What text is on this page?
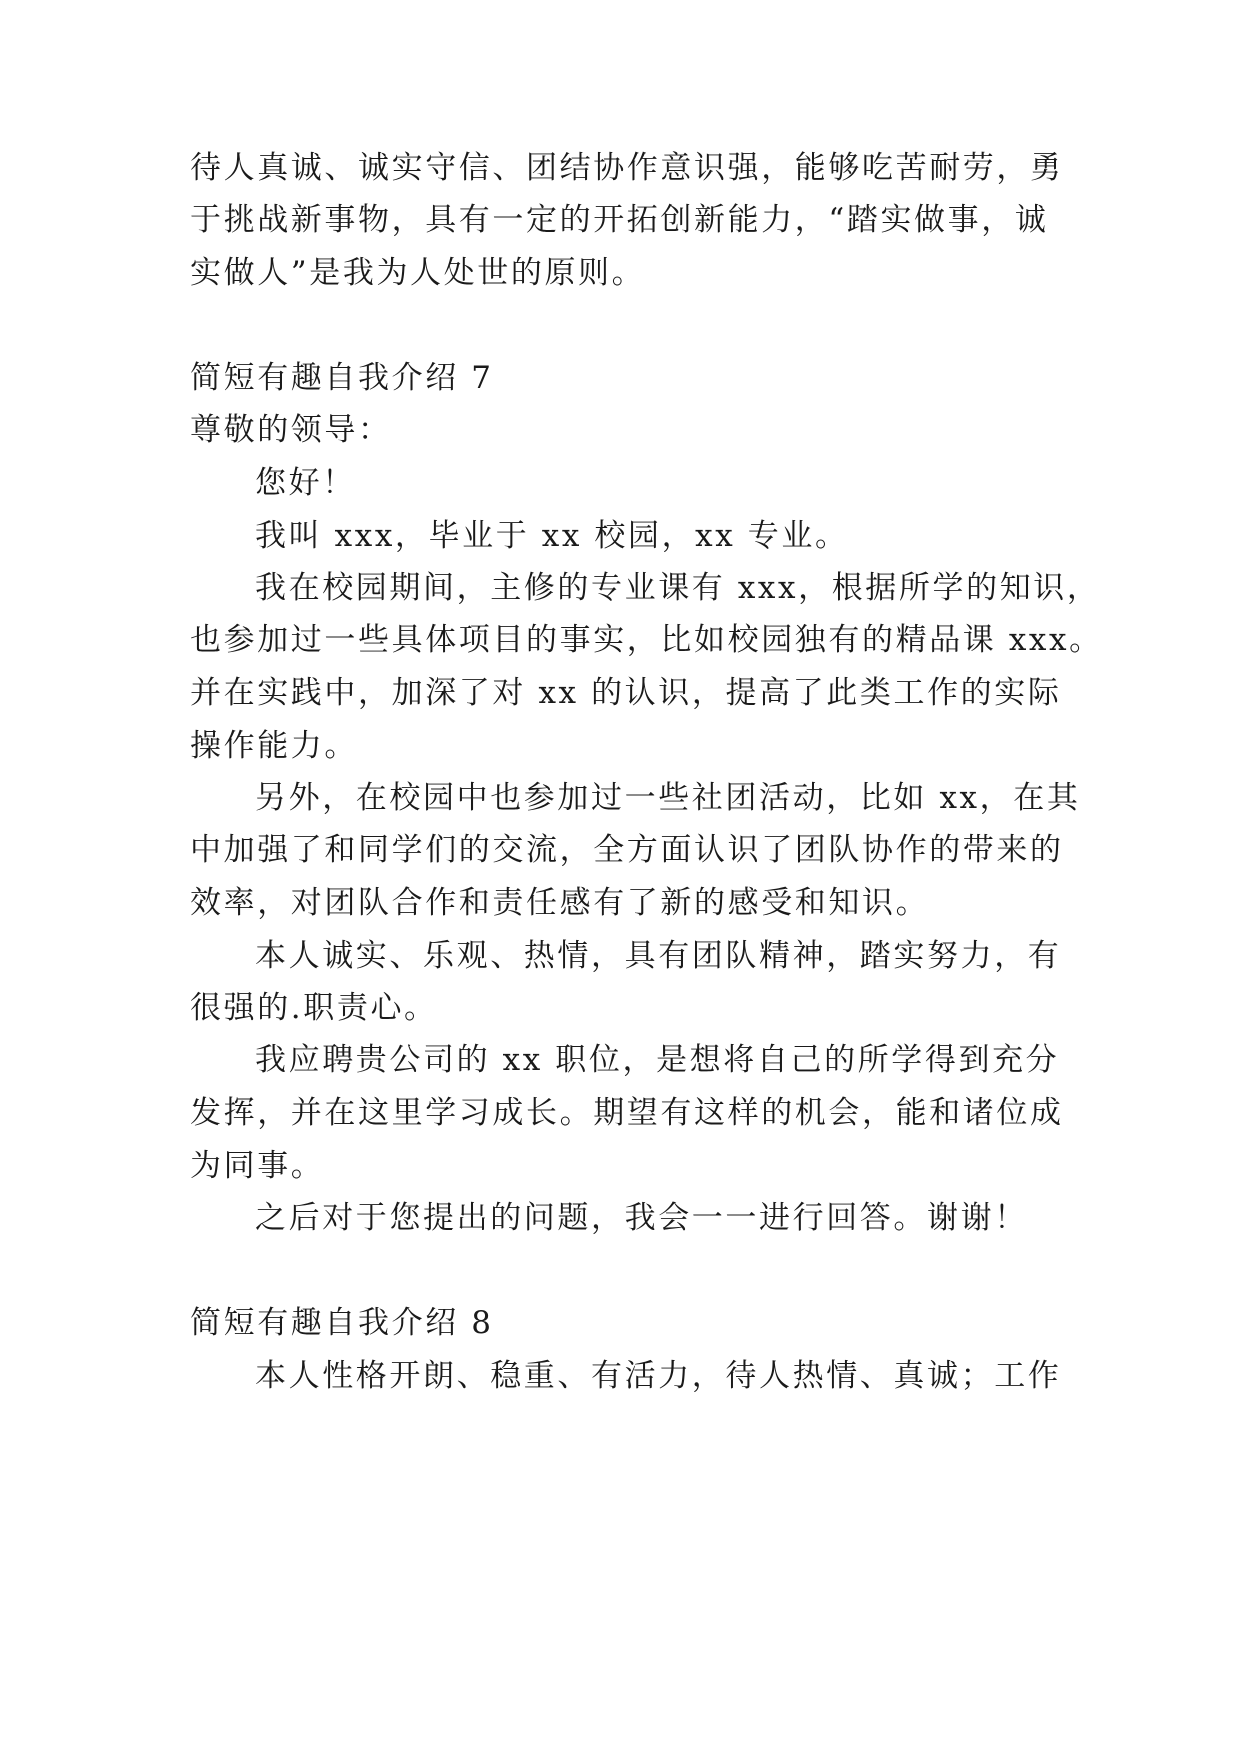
待人真诚、诚实守信、团结协作意识强，能够吃苦耐劳，勇
于挑战新事物，具有一定的开拓创新能力，“踏实做事，诚
实做人”是我为人处世的原则。
简短有趣自我介绍 7
尊敬的领导：
您好！
我叫 xxx，毕业于 xx 校园，xx 专业。
我在校园期间，主修的专业课有 xxx，根据所学的知识，
也参加过一些具体项目的事实，比如校园独有的精品课 xxx。
并在实践中，加深了对 xx 的认识，提高了此类工作的实际
操作能力。
另外，在校园中也参加过一些社团活动，比如 xx，在其
中加强了和同学们的交流，全方面认识了团队协作的带来的
效率，对团队合作和责任感有了新的感受和知识。
本人诚实、乐观、热情，具有团队精神，踏实努力，有
很强的.职责心。
我应聘贵公司的 xx 职位，是想将自己的所学得到充分
发挥，并在这里学习成长。期望有这样的机会，能和诸位成
为同事。
之后对于您提出的问题，我会一一进行回答。谢谢！
简短有趣自我介绍 8
本人性格开朗、稳重、有活力，待人热情、真诚；工作
